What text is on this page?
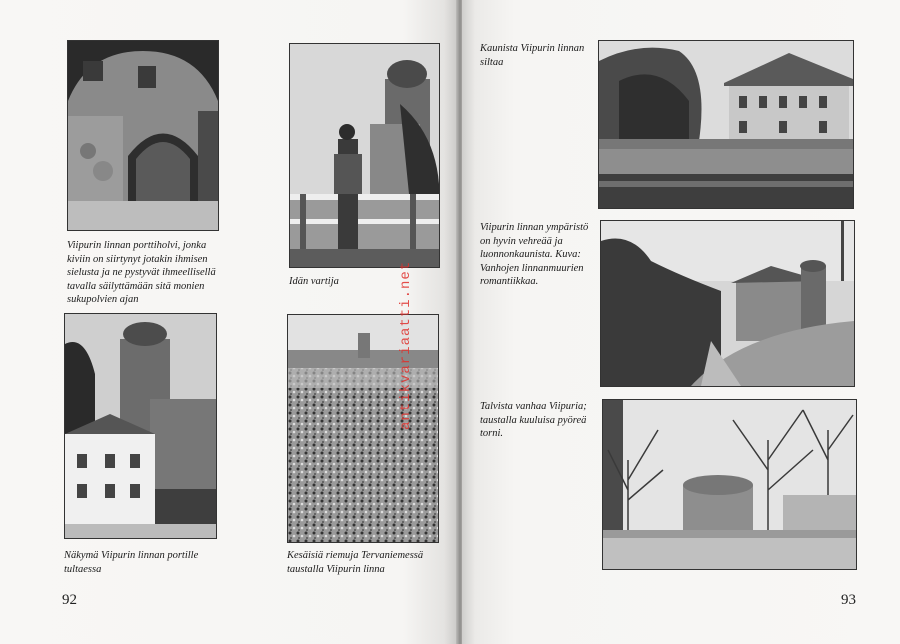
Viipurin linnan porttiholvi, jonka kiviin on siirtynyt jotakin ihmisen sielusta ja ne pystyvät ihmeellisellä tavalla säilyttämään sitä monien sukupolvien ajan

Idän vartija

Näkymä Viipurin linnan portille tultaessa

Kesäisiä riemuja Tervaniemessä taustalla Viipurin linna

92

Kaunista Viipurin linnan siltaa

Viipurin linnan ympäristö on hyvin vehreää ja luonnonkaunista. Kuva: Vanhojen linnanmuurien romantiikkaa.

Talvista vanhaa Viipuria; taustalla kuuluisa pyöreä torni.

93
antikvariaatti.net
